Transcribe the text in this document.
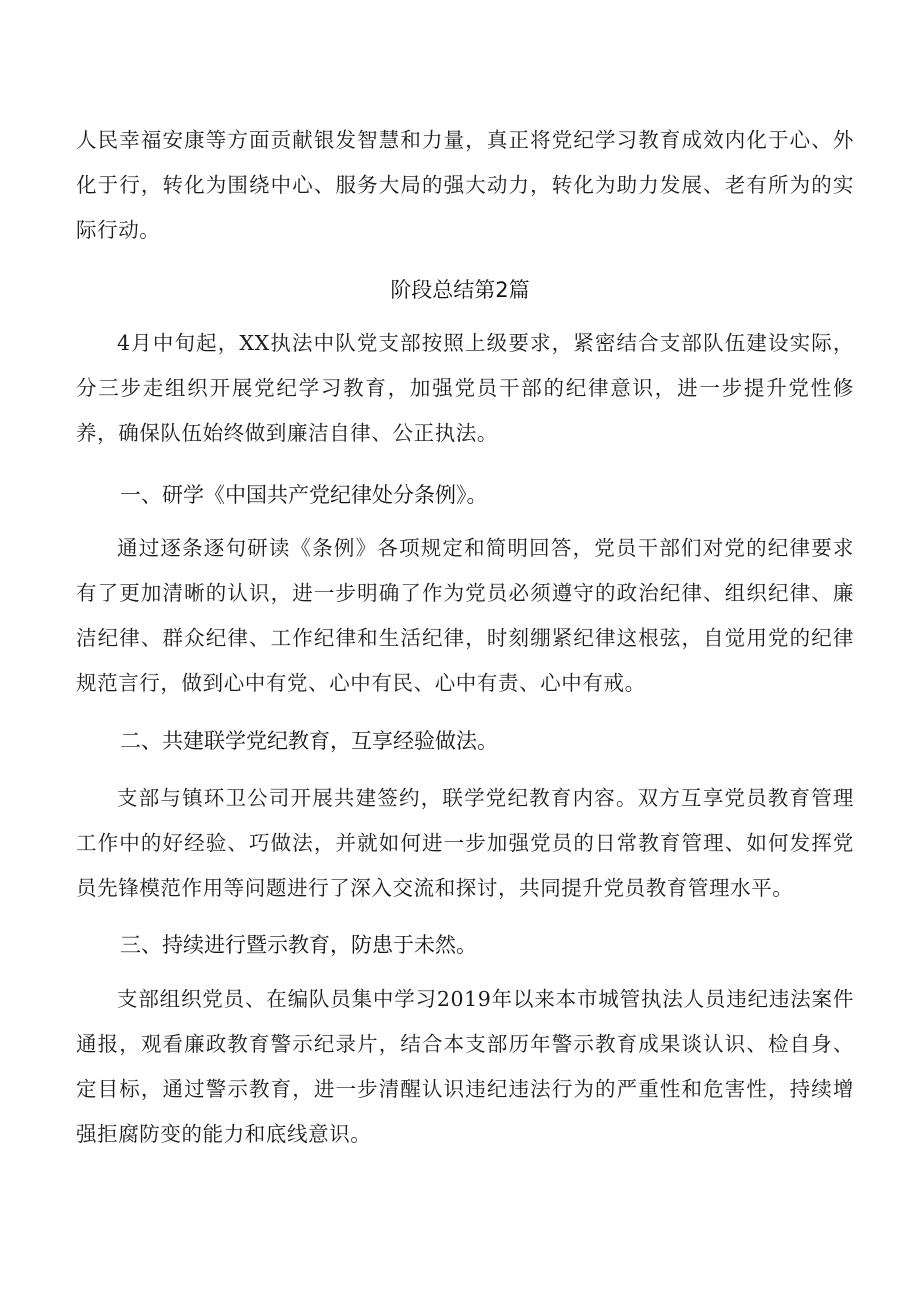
人民幸福安康等方面贡献银发智慧和力量，真正将党纪学习教育成效内化于心、外化于行，转化为围绕中心、服务大局的强大动力，转化为助力发展、老有所为的实际行动。

阶段总结第2篇

4月中旬起，XX执法中队党支部按照上级要求，紧密结合支部队伍建设实际，分三步走组织开展党纪学习教育，加强党员干部的纪律意识，进一步提升党性修养，确保队伍始终做到廉洁自律、公正执法。

一、研学《中国共产党纪律处分条例》。

通过逐条逐句研读《条例》各项规定和简明回答，党员干部们对党的纪律要求有了更加清晰的认识，进一步明确了作为党员必须遵守的政治纪律、组织纪律、廉洁纪律、群众纪律、工作纪律和生活纪律，时刻绷紧纪律这根弦，自觉用党的纪律规范言行，做到心中有党、心中有民、心中有责、心中有戒。

二、共建联学党纪教育，互享经验做法。

支部与镇环卫公司开展共建签约，联学党纪教育内容。双方互享党员教育管理工作中的好经验、巧做法，并就如何进一步加强党员的日常教育管理、如何发挥党员先锋模范作用等问题进行了深入交流和探讨，共同提升党员教育管理水平。

三、持续进行暨示教育，防患于未然。

支部组织党员、在编队员集中学习2019年以来本市城管执法人员违纪违法案件通报，观看廉政教育警示纪录片，结合本支部历年警示教育成果谈认识、检自身、定目标，通过警示教育，进一步清醒认识违纪违法行为的严重性和危害性，持续增强拒腐防变的能力和底线意识。
